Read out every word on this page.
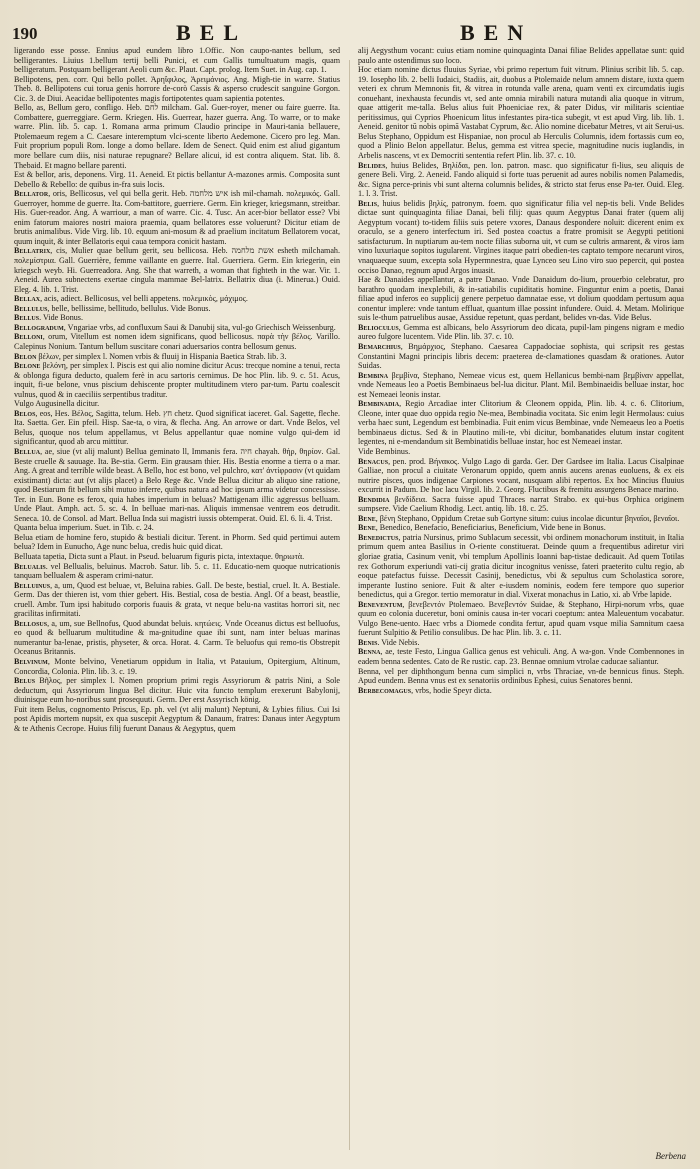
190	BEL	BEN

ligerando esse posse. Ennius apud eundem libro 1.Offic. Non caupo-nantes bellum, sed belligerantes. Liuius 1.bellum tertij belli Punici, et cum Gallis tumultuatum magis, quam belligeratum. Postquam belligerant Aeoli cum &c. Plaut. Capt. prolog. Item Suet. in Aug. cap. 1.

Bellipotens, pen. corr. Qui bello pollet. Ἀρηΐφιλος, Ἀρειμάνιος. Ang. Migh-tie in warre. Statius Theb. 8. Bellipotens cui torua genis horrore de-corò Cassis & asperso crudescit sanguine Gorgon. Cic. 3. de Diui. Aeacidae bellipotentes magis fortipotentes quam sapientia potentes.

Bello, as, Bellum gero, confligo. Heb. לחם milcham. Gal. Guer-royer, mener ou faire guerre. Ita. Combattere, guerreggiare. Germ. Kriegen. His. Guerrear, hazer guerra. Ang. To warre, or to make warre. Plin. lib. 5. cap. 1. Romana arma primum Claudio principe in Mauri-tania bellauere, Ptolemaeum regem a C. Caesare interemptum vlci-scente liberto Aedemone. Cicero pro leg. Man. Fuit proprium populi Rom. longe a domo bellare. Idem de Senect. Quid enim est aliud gigantum more bellare cum diis, nisi naturae repugnare? Bellare alicui, id est contra aliquem. Stat. lib. 8. Thebaid. Et magno bellare parenti.

Est & bellor, aris, deponens. Virg. 11. Aeneid. Et pictis bellantur A-mazones armis. Composita sunt Debello & Rebello: de quibus in-fra suis locis.

Bellator, oris, Bellicosus, vel qui bella gerit. Heb. איש מלחמה ish mil-chamah. πολεμικός. Gall. Guerroyer, homme de guerre. Ita. Com-battitore, guerriere. Germ. Ein krieger, kriegsmann, streitbar. His. Guer-reador. Ang. A warriour, a man of warre. Cic. 4. Tusc. An acer-bior bellator esse? Vbi enim fatorum maiores nostri maiora praemia, quam bellatores esse voluerunt? Dicitur etiam de brutis animalibus. Vide Virg. lib. 10. equum ani-mosum & ad praelium incitatum Bellatorem vocat, quum inquit, & inter Bellatoris equi caua tempora conicit hastam.

Bellatrix, cis, Mulier quae bellum gerit, seu bellicosa. Heb. אשת מלחמה esheth milchamah. πολεμίστρια. Gall. Guerrière, femme vaillante en guerre. Ital. Guerriera. Germ. Ein kriegerin, ein kriegsch weyb. Hi. Guerreadora. Ang. She that warreth, a woman that fighteth in the war. Vir. 1. Aeneid. Aurea subnectens exertae cingula mammae Bel-latrix. Bellatrix diua (i. Minerua.) Ouid. Eleg. 4. lib. 1. Trist.

Bellax, acis, adiect. Bellicosus, vel belli appetens. πολεμικὸς, μάχιμος.

Bellulus, belle, bellissime, bellitudo, bellulus. Vide Bonus.

Bellus. Vide Bonus.

Bellogradum, Vngariae vrbs, ad confluxum Saui & Danubij sita, vul-go Griechisch Weissenburg.

Belloni, orum, Vitellum est nomen idem significans, quod bellicosus. παρὰ τὴν βέλος. Varillo. Calepinus Nonium. Tantum bellum suscitare conari aduersarios contra bellosum genus.

Belon βέλων, per simplex l. Nomen vrbis & fluuij in Hispania Baetica Strab. lib. 3.

Belone βελόνη, per simplex l. Piscis est qui alio nomine dicitur Acus: trecque nomine a tenui, recta & oblonga figura deducto, qualem ferè in acu sartoris cernimus. De hoc Plin. lib. 9. c. 51. Acus, inquit, fi-ue belone, vnus piscium dehiscente propter multitudinem vtero par-tum. Partu coalescit vulnus, quod & in caeciliis serpentibus traditur.

Vulgo Augusinella dicitur.

Belos, eos, Hes. Βέλος, Sagitta, telum. Heb. חץ chetz. Quod significat iaceret. Gal. Sagette, fleche. Ita. Saetta. Ger. Ein pfeil. Hisp. Sae-ta, o vira, & flecha. Ang. An arrowe or dart. Vnde Belos, vel Belus, quoque nos telum appellamus, vt Belus appellantur quae nomine vulgo qui-dem id significantur, quod ab arcu mittitur.

Bellua, ae, siue (vt alij malunt) Bellua geminato ll, Immanis fera. חיה chayah. θήρ, θηρίον. Gal. Beste cruelle & sauuage. Ita. Be-stia. Germ. Ein grausam thier. His. Bestia enorme a tierra o a mar. Ang. A great and terrible wilde beast. A Bello, hoc est bono, vel pulchro, κατ' ἀντίφρασιν (vt quidam existimant) dicta: aut (vt alijs placet) a Belo Rege &c. Vnde Bellua dicitur ab aliquo sine ratione, quod Bestiarum fit bellum sibi mutuo inferre, quibus natura ad hoc ipsum arma videtur concessisse. Ter. in Eun. Bone es ferox, quia habes imperium in beluas? Mattigenam illic aggressus belluam. Unde Plaut. Amph. act. 5. sc. 4. In belluae mari-nas. Aliquis immensae ventrem eos detrudit. Seneca. 10. de Consol. ad Mart. Bellua Inda sui magistri iussis obtemperat. Ouid. El. 6. li. 4. Trist.

Quanta belua imperium. Suet. in Tib. c. 24.

Belua etiam de homine fero, stupido & bestiali dicitur. Terent. in Phorm. Sed quid pertimui autem belua? Idem in Eunucho, Age nunc belua, credis huic quid dicat.

Belluata tapetia, Dicta sunt a Plaut. in Pseud. beluarum figuris picta, intextaque. θηριωτὰ.

Belualis. vel Bellualis, beluinus. Macrob. Satur. lib. 5. c. 11. Educatio-nem quoque nutricationis tanquam bellualem & asperam crimi-natur.

Belluinus, a, um, Quod est beluae, vt, Beluina rabies. Gall. De beste, bestial, cruel. It. A. Bestiale. Germ. Das der thieren ist, vom thier gebert. His. Bestial, cosa de bestia. Angl. Of a beast, beastlie, cruell. Ambr. Tum ipsi habitudo corporis fuauis & grata, vt neque belu-na vastitas horrori sit, nec gracilitas infirmitati.

Bellosus, a, um, sue Bellnofus, Quod abundat beluis. κητώεις. Vnde Oceanus dictus est belluofus, eo quod & belluarum multitudine & ma-gnitudine quae ibi sunt, nam inter beluas marinas numerantur ba-lenae, pristis, physeter, & orca. Horat. 4. Carm. Te beluofus qui remo-tis Obstrepit Oceanus Britannis.

Belvinum, Monte belvino, Venetiarum oppidum in Italia, vt Patauium, Opitergium, Altinum, Concordia, Colonia. Plin. lib. 3. c. 19.

Belus Βῆλος, per simplex l. Nomen proprium primi regis Assyriorum & patris Nini, a Sole deductum, qui Assyriorum lingua Bel dicitur. Huic vita functo templum erexerunt Babylonij, diuinisque eum ho-noribus sunt prosequuti. Germ. Der erst Assyrisch könig.

Fuit item Belus, cognomento Priscus, Ep. ph. vel (vt alij malunt) Neptuni, & Lybies filius. Cui Isi post Apidis mortem nupsit, ex qua suscepit Aegyptum & Danaum, fratres: Danaus inter Aegyptum & te Athenis Cecrope. Huius filij fuerunt Danaus & Aegyptus, quem

alij Aegysthum vocant: cuius etiam nomine quinquaginta Danai filiae Belides appellatae sunt: quid paulo ante ostendimus suo loco.

Hoc etiam nomine dictus fluuius Syriae, vbi primo repertum fuit vitrum. Plinius scribit lib. 5. cap. 19. Iosepho lib. 2. belli Iudaici, Stadiis, ait, duobus a Ptolemaide nelum amnem distare, iuxta quem veteri ex chrum Memnonis fit, & vitrea in rotunda valle arena, quam venti ex circumdatis iugis conuehant, inexhausta fecundis vt, sed ante omnia mirabili natura mutandi alia quoque in vitrum, quae attigerit me-talla. Belus alius fuit Phoeniciae rex, & pater Didus, vir militaris scientiae peritissimus, qui Cyprios Phoenicum litus infestantes pira-tica subegit, vt est apud Virg. lib. lib. 1. Aeneid. genitor tū nobis opimā Vastabat Cyprum, &c. Alio nomine dicebatur Metres, vt ait Serui-us. Belus Stephano, Oppidum est Hispaniae, non procul ab Herculis Columnis, idem fortassis cum eo, quod a Plinio Belon appellatur. Belus, gemma est vitrea specie, magnitudine nucis iuglandis, in Arbelis nascens, vt ex Democriti sententia refert Plin. lib. 37. c. 10.

Belides, huius Belides, Βηλίδαι, pen. lon. patron. masc. quo significatur fi-lius, seu aliquis de genere Beli. Virg. 2. Aeneid. Fando aliquid si forte tuas peruenit ad aures nobilis nomen Palamedis, &c. Signa perce-prinis vbi sunt alterna columnis belides, & stricto stat ferus ense Pa-ter. Ouid. Eleg. 1. l. 3. Trist.

Belis, huius belidis βηλίς, patronym. foem. quo significatur filia vel nep-tis beli. Vnde Belides dictae sunt quinquaginta filiae Danai, beli filij: quas quum Aegyptus Danai frater (quem alij Aegyptum vocant) to-tidem filiis suis petere vxores, Danaus despondere noluit: dicerent enim ex oraculo, se a genero interfectum iri. Sed postea coactus a fratre promisit se Aegypti petitioni satisfacturum. In nuptiarum au-tem nocte filias suborna uit, vt cum se cultris armarent, & viros iam vino luxuriaque sopitos iugularent. Virgines itaque patri obedien-tes captato tempore necarunt viros, vnaquaeque suum, excepta sola Hypermnestra, quae Lynceo seu Lino viro suo pepercit, qui postea occiso Danao, regnum apud Argos inuasit.

Hae & Danaides appellantur, a patre Danao. Vnde Danaidum do-lium, prouerbio celebratur, pro barathro quodam inexplebili, & in-satiabilis cupiditatis homine. Finguntur enim a poetis, Danai filiae apud inferos eo supplicij genere perpetuo damnatae esse, vt dolium quoddam pertusum aqua conentur implere: vnde tantum effluat, quantum illae possint infundere. Ouid. 4. Metam. Molirique suis le-thum patruelibus ausae, Assidue repetunt, quas perdant, belides vn-das. Vide Belus.

Belioculus, Gemma est albicans, belo Assyriorum deo dicata, pupil-lam pingens nigram e medio aureo fulgore lucentem. Vide Plin. lib. 37. c. 10.

Bemarchius, Βημάρχιος, Stephano. Caesarea Cappadociae sophista, qui scripsit res gestas Constantini Magni principis libris decem: praeterea de-clamationes quasdam & orationes. Autor Suidas.

Bembina βεμβίνα, Stephano, Nemeae vicus est, quem Hellanicus bembi-nam βεμβίναν appellat, vnde Nemeaus leo a Poetis Bembinaeus bel-lua dicitur. Plant. Mil. Bembinaeidis belluae instar, hoc est Nemeaei leonis instar.

Bembinadia, Regio Arcadiae inter Clitorium & Cleonem oppida, Plin. lib. 4. c. 6. Clitorium, Cleone, inter quae duo oppida regio Ne-mea, Bembinadia vocitata. Sic enim legit Hermolaus: cuius verba haec sunt, Legendum est bembinadia. Fuit enim vicus Bembinae, vnde Nemeaeus leo a Poetis bembinaeus dictus. Sed & in Plautino mili-te, vbi dicitur, bombanatides elutum instar cogitent legentes, ni e-mendandum sit Bembinatidis belluae instar, hoc est Nemeaei instar.

Vide Bembinus.

Benacus, pen. prod. Βήνακος. Vulgo Lago di garda. Ger. Der Gardsee im Italia. Lacus Cisalpinae Galliae, non procul a ciuitate Veronarum oppido, quem annis aucens arenas euoluens, & ex eis nutrire pisces, quos indigenae Carpiones vocant, nusquam alibi repertos. Ex hoc Mincius fluuius excurrit in Padum. De hoc lacu Virgil. lib. 2. Georg. Fluctibus & fremitu assurgens Benace marino.

Bendidia βενδίδεια. Sacra fuisse apud Thraces narrat Strabo. ex qui-bus Orphica originem sumpsere. Vide Caelium Rhodig. Lect. antiq. lib. 18. c. 25.

Bene, βένη Stephano, Oppidum Cretae sub Gortyne situm: cuius incolae dicuntur βηναῖοι, βεναῖοι.

Bene, Benedico, Benefacio, Beneficiarius, Beneficium, Vide bene in Bonus.

Benedictus, patria Nursinus, primo Sublacum secessit, vbi ordinem monachorum instituit, in Italia primum quem antea Basilius in O-riente constituerat. Deinde quum a frequentibus adiretur viri gloriae gratia, Casinum venit, vbi templum Apollinis Ioanni bap-tistae dedicauit. Ad quem Totilas rex Gothorum experiundi vati-cij gratia dicitur incognitus venisse, fateri praeterito cultu regio, ab eoque patefactus fuisse. Decessit Casinij, benedictus, vbi & sepultus cum Scholastica sorore, imperante Iustino seniore. Fuit & alter e-iusdem nominis, eodem fere tempore quo superior benedictus, qui a Gregor. tertio memoratur in dial. Vixerat monachus in Latio, xi. ab Vrbe lapide.

Beneventum, βενεβεντόν Ptolemaeo. Βενεβεντόν Suidae, & Stephano, Hirpi-norum vrbs, quae quum eo colonia duceretur, boni ominis causa in-ter vocari coeptum: antea Maleuentum vocabatur. Vulgo Bene-uento. Haec vrbs a Diomede condita fertur, apud quam vsque milia Samnitum caesa fuerunt Sulpitio & Petilio consulibus. De hac Plin. lib. 3. c. 11.

Benis. Vide Nebis.

Benna, ae, teste Festo, Lingua Gallica genus est vehiculi. Ang. A wa-gon. Vnde Combennones in eadem benna sedentes. Cato de Re rustic. cap. 23. Bennae omnium vtrolae caducae saliantur.

Benna, vel per diphthongum benna cum simplici n, vrbs Thraciae, vn-de bennicus finus. Steph. Apud eundem. Benna vnus est ex senatoriis ordinibus Ephesi, cuius Senatores benni.

Berbecomagus, vrbs, hodie Speyr dicta.

Berbena
